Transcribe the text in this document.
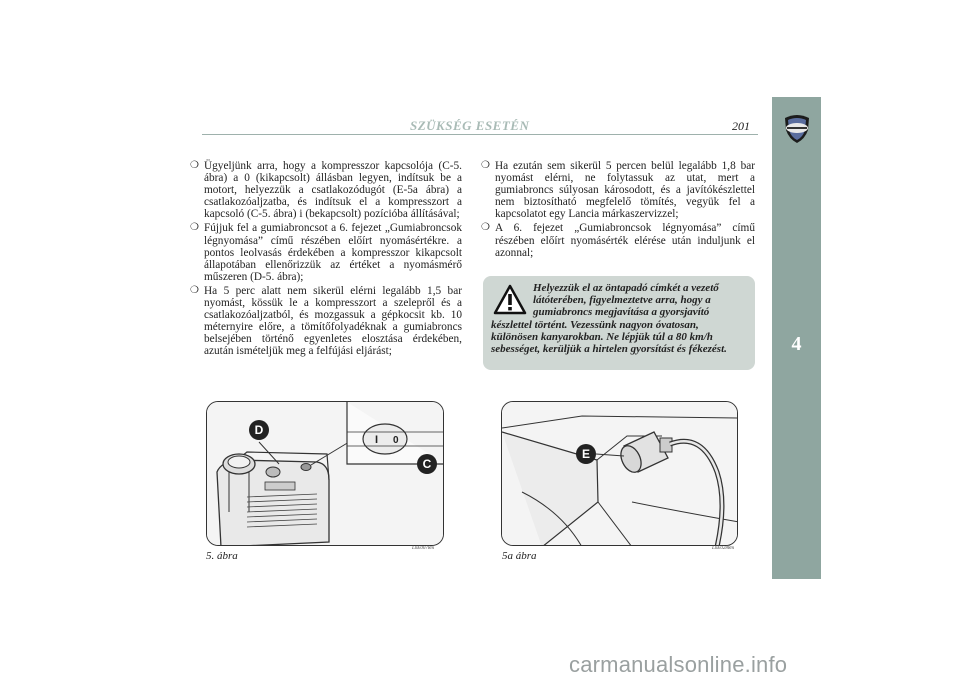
4
SZÜKSÉG ESETÉN	201
❍ Ügyeljünk arra, hogy a kompresszor kapcsolója (C-5. ábra) a 0 (kikapcsolt) állásban legyen, indítsuk be a motort, helyezzük a csatlakozódugót (E-5a ábra) a csatlakozóaljzatba, és indítsuk el a kompresszort a kapcsoló (C-5. ábra) i (bekapcsolt) pozícióba állításával;
❍ Fújjuk fel a gumiabroncsot a 6. fejezet „Gumiabroncsok légnyomása” című részében előírt nyomásértékre. a pontos leolvasás érdekében a kompresszor kikapcsolt állapotában ellenőrizzük az értéket a nyomásmérő műszeren (D-5. ábra);
❍ Ha 5 perc alatt nem sikerül elérni legalább 1,5 bar nyomást, kössük le a kompresszort a szelepről és a csatlakozóaljzatból, és mozgassuk a gépkocsit kb. 10 méternyire előre, a tömítőfolyadéknak a gumiabroncs belsejében történő egyenletes elosztása érdekében, azután ismételjük meg a felfújási eljárást;
❍ Ha ezután sem sikerül 5 percen belül legalább 1,8 bar nyomást elérni, ne folytassuk az utat, mert a gumiabroncs súlyosan károsodott, és a javítókészlettel nem biztosítható megfelelő tömítés, vegyük fel a kapcsolatot egy Lancia márkaszervizzel;
❍ A 6. fejezet „Gumiabroncsok légnyomása” című részében előírt nyomásérték elérése után induljunk el azonnal;
Helyezzük el az öntapadó címkét a vezető látóterében, figyelmeztetve arra, hogy a gumiabroncs megjavítása a gyorsjavító készlettel történt. Vezessünk nagyon óvatosan, különösen kanyarokban. Ne lépjük túl a 80 km/h sebességet, kerüljük a hirtelen gyorsítást és fékezést.
I 0
D
C
5. ábra
L0E0078m
E
5a ábra
L0E0288m
carmanualsonline.info
